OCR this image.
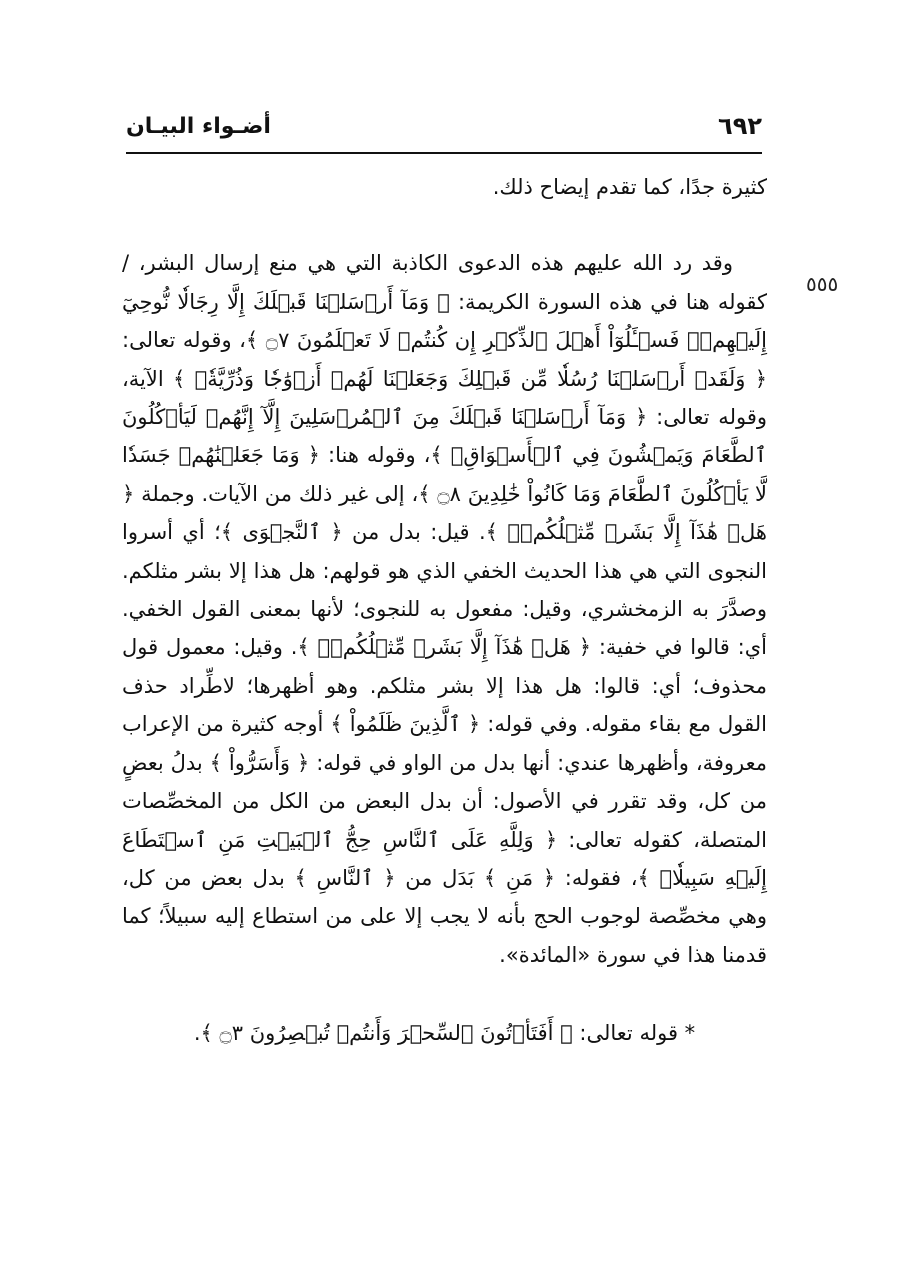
أضـواء البيـان	٦٩٢
٥٥٥

كثيرة جدًا، كما تقدم إيضاح ذلك.

وقد رد الله عليهم هذه الدعوى الكاذبة التي هي منع إرسال البشر، / كقوله هنا في هذه السورة الكريمة: ﴿ وَمَآ أَرۡسَلۡنَا قَبۡلَكَ إِلَّا رِجَالٗا نُّوحِيٓ إِلَيۡهِمۡۖ فَسۡـَٔلُوٓاْ أَهۡلَ ٱلذِّكۡرِ إِن كُنتُمۡ لَا تَعۡلَمُونَ ۝٧ ﴾، وقوله تعالى: ﴿ وَلَقَدۡ أَرۡسَلۡنَا رُسُلٗا مِّن قَبۡلِكَ وَجَعَلۡنَا لَهُمۡ أَزۡوَٰجٗا وَذُرِّيَّةٗۚ ﴾ الآية، وقوله تعالى: ﴿ وَمَآ أَرۡسَلۡنَا قَبۡلَكَ مِنَ ٱلۡمُرۡسَلِينَ إِلَّآ إِنَّهُمۡ لَيَأۡكُلُونَ ٱلطَّعَامَ وَيَمۡشُونَ فِي ٱلۡأَسۡوَاقِۗ ﴾، وقوله هنا: ﴿ وَمَا جَعَلۡنَٰهُمۡ جَسَدٗا لَّا يَأۡكُلُونَ ٱلطَّعَامَ وَمَا كَانُواْ خَٰلِدِينَ ۝٨ ﴾، إلى غير ذلك من الآيات. وجملة ﴿ هَلۡ هَٰذَآ إِلَّا بَشَرٞ مِّثۡلُكُمۡۖ ﴾. قيل: بدل من ﴿ ٱلنَّجۡوَى ﴾؛ أي أسروا النجوى التي هي هذا الحديث الخفي الذي هو قولهم: هل هذا إلا بشر مثلكم. وصدَّرَ به الزمخشري، وقيل: مفعول به للنجوى؛ لأنها بمعنى القول الخفي. أي: قالوا في خفية: ﴿ هَلۡ هَٰذَآ إِلَّا بَشَرٞ مِّثۡلُكُمۡۖ ﴾. وقيل: معمول قول محذوف؛ أي: قالوا: هل هذا إلا بشر مثلكم. وهو أظهرها؛ لاطِّراد حذف القول مع بقاء مقوله. وفي قوله: ﴿ ٱلَّذِينَ ظَلَمُواْ ﴾ أوجه كثيرة من الإعراب معروفة، وأظهرها عندي: أنها بدل من الواو في قوله: ﴿ وَأَسَرُّواْ ﴾ بدلُ بعضٍ من كل، وقد تقرر في الأصول: أن بدل البعض من الكل من المخصِّصات المتصلة، كقوله تعالى: ﴿ وَلِلَّهِ عَلَى ٱلنَّاسِ حِجُّ ٱلۡبَيۡتِ مَنِ ٱسۡتَطَاعَ إِلَيۡهِ سَبِيلٗاۚ ﴾، فقوله: ﴿ مَنِ ﴾ بَدَل من ﴿ ٱلنَّاسِ ﴾ بدل بعض من كل، وهي مخصِّصة لوجوب الحج بأنه لا يجب إلا على من استطاع إليه سبيلاً؛ كما قدمنا هذا في سورة «المائدة».

* قوله تعالى: ﴿ أَفَتَأۡتُونَ ٱلسِّحۡرَ وَأَنتُمۡ تُبۡصِرُونَ ۝٣ ﴾.
